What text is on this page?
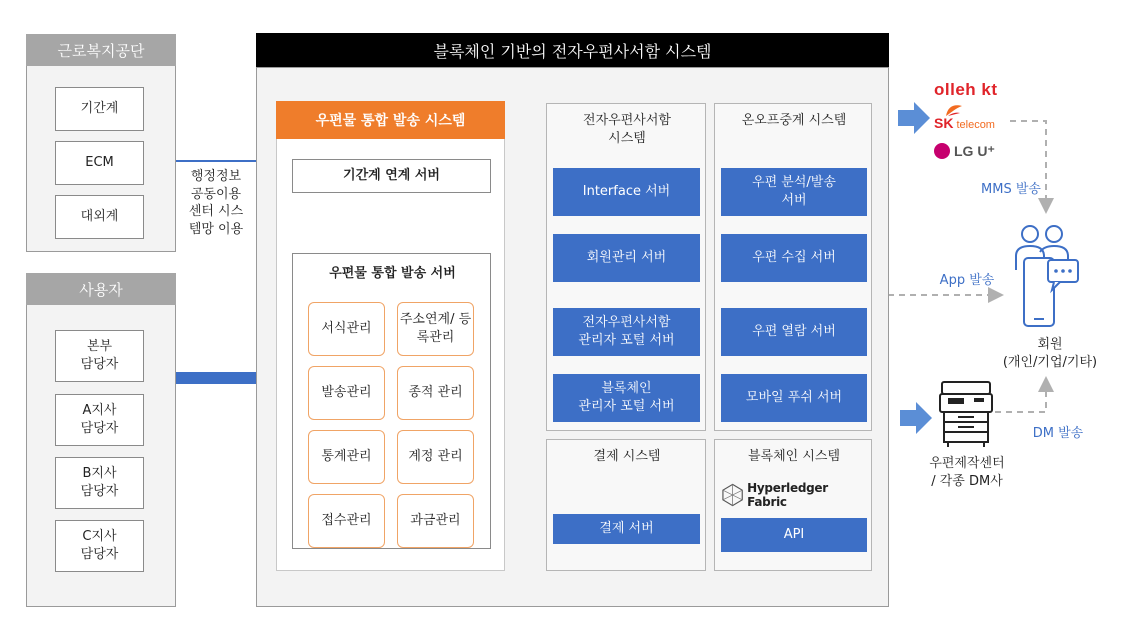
근로복지공단
기간계
ECM
대외계
행정정보
공동이용
센터 시스
템망 이용
사용자
본부
담당자
A지사
담당자
B지사
담당자
C지사
담당자
블록체인 기반의 전자우편사서함 시스템
우편물 통합 발송 시스템
기간계 연계 서버
우편물 통합 발송 서버
서식관리
주소연계/ 등
록관리
발송관리	종적 관리
통계관리	계정 관리
접수관리	과금관리
전자우편사서함
시스템
Interface 서버
회원관리 서버
전자우편사서함
관리자 포털 서버
블록체인
관리자 포털 서버
온오프중계 시스템
우편 분석/발송
서버
우편 수집 서버
우편 열람 서버
모바일 푸쉬 서버
결제 시스템
결제 서버
블록체인 시스템
Hyperledger Fabric
API
olleh kt
SK telecom
LG U⁺
MMS 발송
App 발송
DM 발송
회원
(개인/기업/기타)
우편제작센터
/ 각종 DM사
